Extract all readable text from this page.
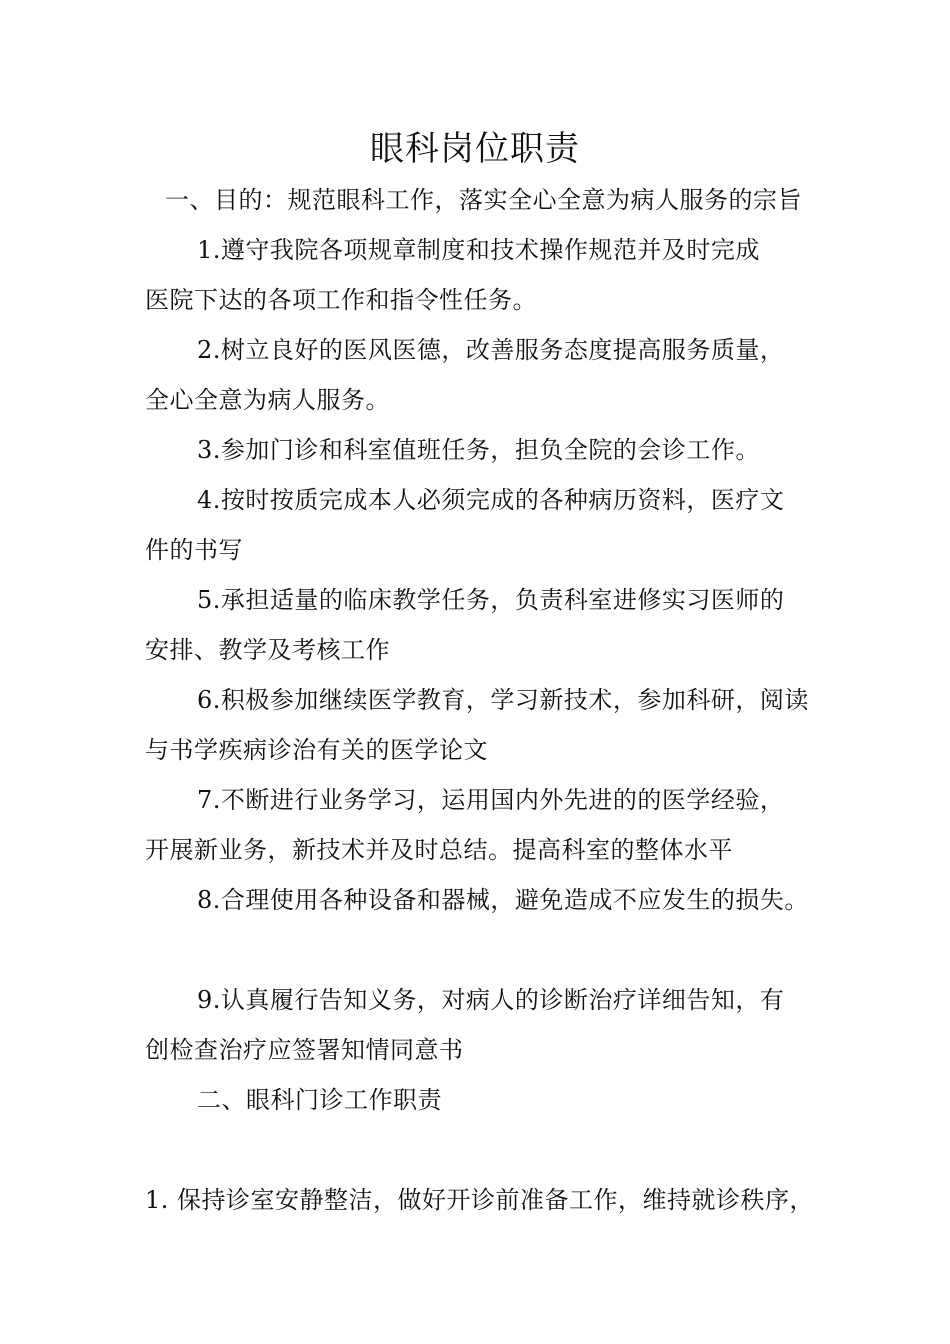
眼科岗位职责
一、目的：规范眼科工作，落实全心全意为病人服务的宗旨
1.遵守我院各项规章制度和技术操作规范并及时完成
医院下达的各项工作和指令性任务。
2.树立良好的医风医德，改善服务态度提高服务质量，
全心全意为病人服务。
3.参加门诊和科室值班任务，担负全院的会诊工作。
4.按时按质完成本人必须完成的各种病历资料，医疗文
件的书写
5.承担适量的临床教学任务，负责科室进修实习医师的
安排、教学及考核工作
6.积极参加继续医学教育，学习新技术，参加科研，阅读
与书学疾病诊治有关的医学论文
7.不断进行业务学习，运用国内外先进的的医学经验，
开展新业务，新技术并及时总结。提高科室的整体水平
8.合理使用各种设备和器械，避免造成不应发生的损失。
9.认真履行告知义务，对病人的诊断治疗详细告知，有
创检查治疗应签署知情同意书
二、眼科门诊工作职责
1. 保持诊室安静整洁，做好开诊前准备工作，维持就诊秩序，
